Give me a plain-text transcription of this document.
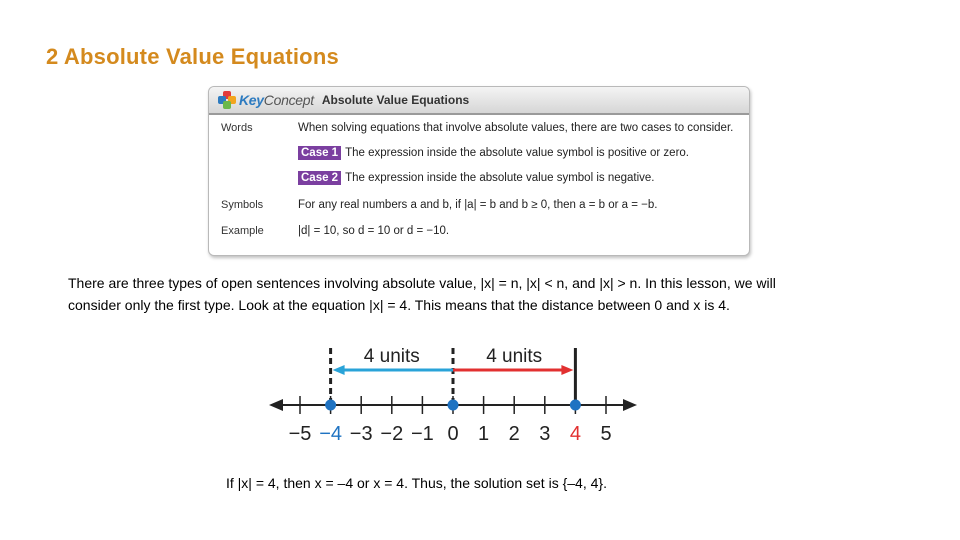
2 Absolute Value Equations
KeyConcept Absolute Value Equations
Words	When solving equations that involve absolute values, there are two cases to consider.
Case 1 The expression inside the absolute value symbol is positive or zero.
Case 2 The expression inside the absolute value symbol is negative.
Symbols	For any real numbers a and b, if |a| = b and b ≥ 0, then a = b or a = −b.
Example	|d| = 10, so d = 10 or d = −10.
There are three types of open sentences involving absolute value, |x| = n, |x| < n, and |x| > n. In this lesson, we will consider only the first type. Look at the equation |x| = 4. This means that the distance between 0 and x is 4.
−5 −4 −3 −2 −1 0 1 2 3 4 5
4 units	4 units
If |x| = 4, then x = –4 or x = 4. Thus, the solution set is {–4, 4}.
